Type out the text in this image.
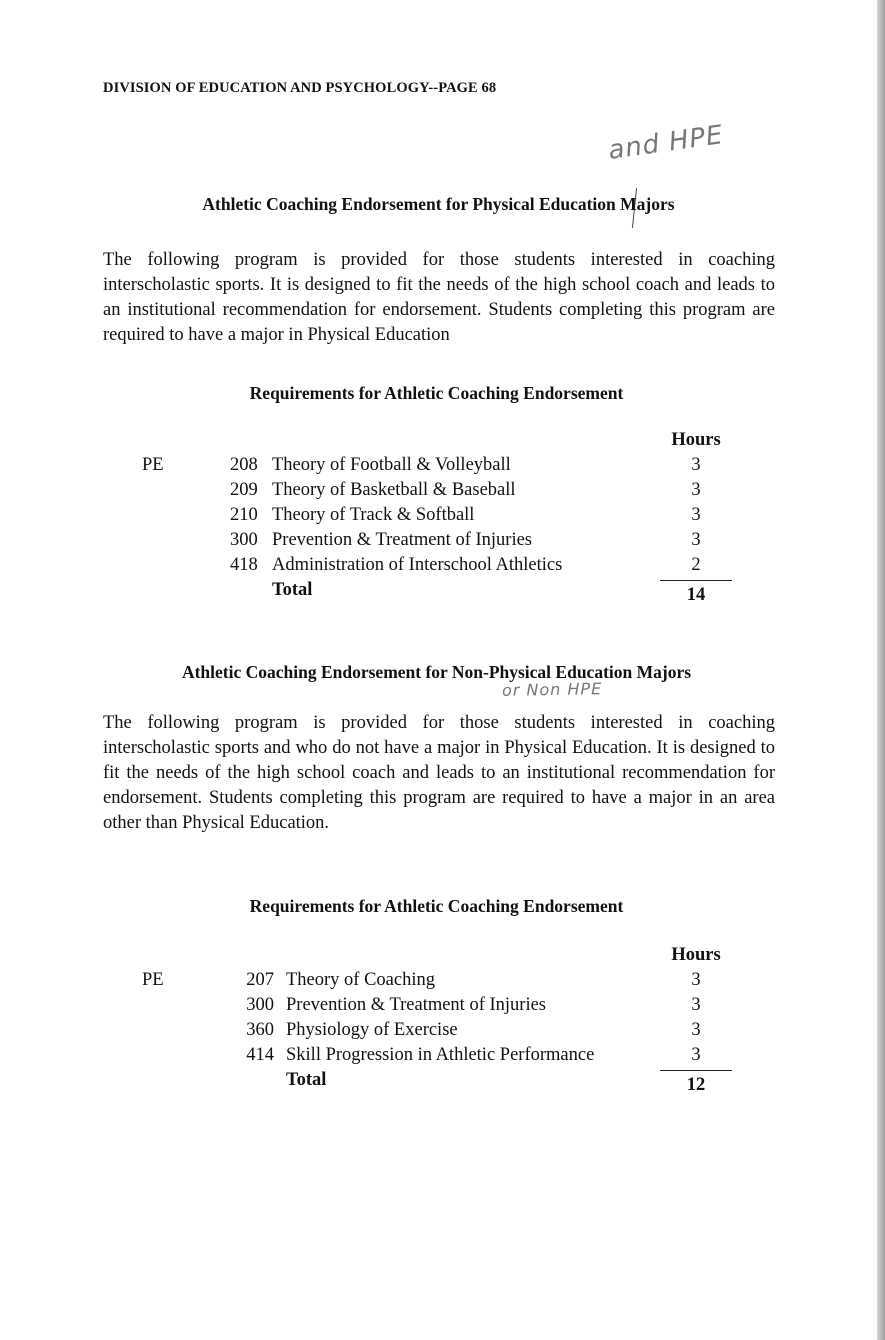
DIVISION OF EDUCATION AND PSYCHOLOGY--PAGE 68
and HPE
Athletic Coaching Endorsement for Physical Education Majors
The following program is provided for those students interested in coaching interscholastic sports. It is designed to fit the needs of the high school coach and leads to an institutional recommendation for endorsement. Students completing this program are required to have a major in Physical Education
Requirements for Athletic Coaching Endorsement
			Hours
PE	208	Theory of Football & Volleyball	3
	209	Theory of Basketball & Baseball	3
	210	Theory of Track & Softball	3
	300	Prevention & Treatment of Injuries	3
	418	Administration of Interschool Athletics	2
		Total	14
Athletic Coaching Endorsement for Non-Physical Education Majors
or Non HPE
The following program is provided for those students interested in coaching interscholastic sports and who do not have a major in Physical Education. It is designed to fit the needs of the high school coach and leads to an institutional recommendation for endorsement. Students completing this program are required to have a major in an area other than Physical Education.
Requirements for Athletic Coaching Endorsement
			Hours
PE	207	Theory of Coaching	3
	300	Prevention & Treatment of Injuries	3
	360	Physiology of Exercise	3
	414	Skill Progression in Athletic Performance	3
		Total	12
